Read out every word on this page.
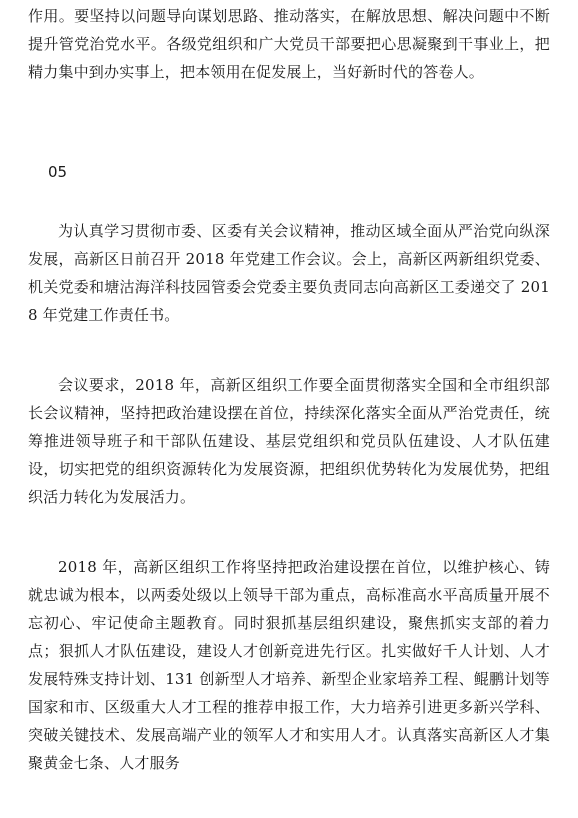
作用。要坚持以问题导向谋划思路、推动落实，在解放思想、解决问题中不断提升管党治党水平。各级党组织和广大党员干部要把心思凝聚到干事业上，把精力集中到办实事上，把本领用在促发展上，当好新时代的答卷人。

05

为认真学习贯彻市委、区委有关会议精神，推动区域全面从严治党向纵深发展，高新区日前召开 2018 年党建工作会议。会上，高新区两新组织党委、机关党委和塘沽海洋科技园管委会党委主要负责同志向高新区工委递交了 2018 年党建工作责任书。

会议要求，2018 年，高新区组织工作要全面贯彻落实全国和全市组织部长会议精神，坚持把政治建设摆在首位，持续深化落实全面从严治党责任，统筹推进领导班子和干部队伍建设、基层党组织和党员队伍建设、人才队伍建设，切实把党的组织资源转化为发展资源，把组织优势转化为发展优势，把组织活力转化为发展活力。

2018 年，高新区组织工作将坚持把政治建设摆在首位，以维护核心、铸就忠诚为根本，以两委处级以上领导干部为重点，高标准高水平高质量开展不忘初心、牢记使命主题教育。同时狠抓基层组织建设，聚焦抓实支部的着力点；狠抓人才队伍建设，建设人才创新竞进先行区。扎实做好千人计划、人才发展特殊支持计划、131 创新型人才培养、新型企业家培养工程、鲲鹏计划等国家和市、区级重大人才工程的推荐申报工作，大力培养引进更多新兴学科、突破关键技术、发展高端产业的领军人才和实用人才。认真落实高新区人才集聚黄金七条、人才服务
